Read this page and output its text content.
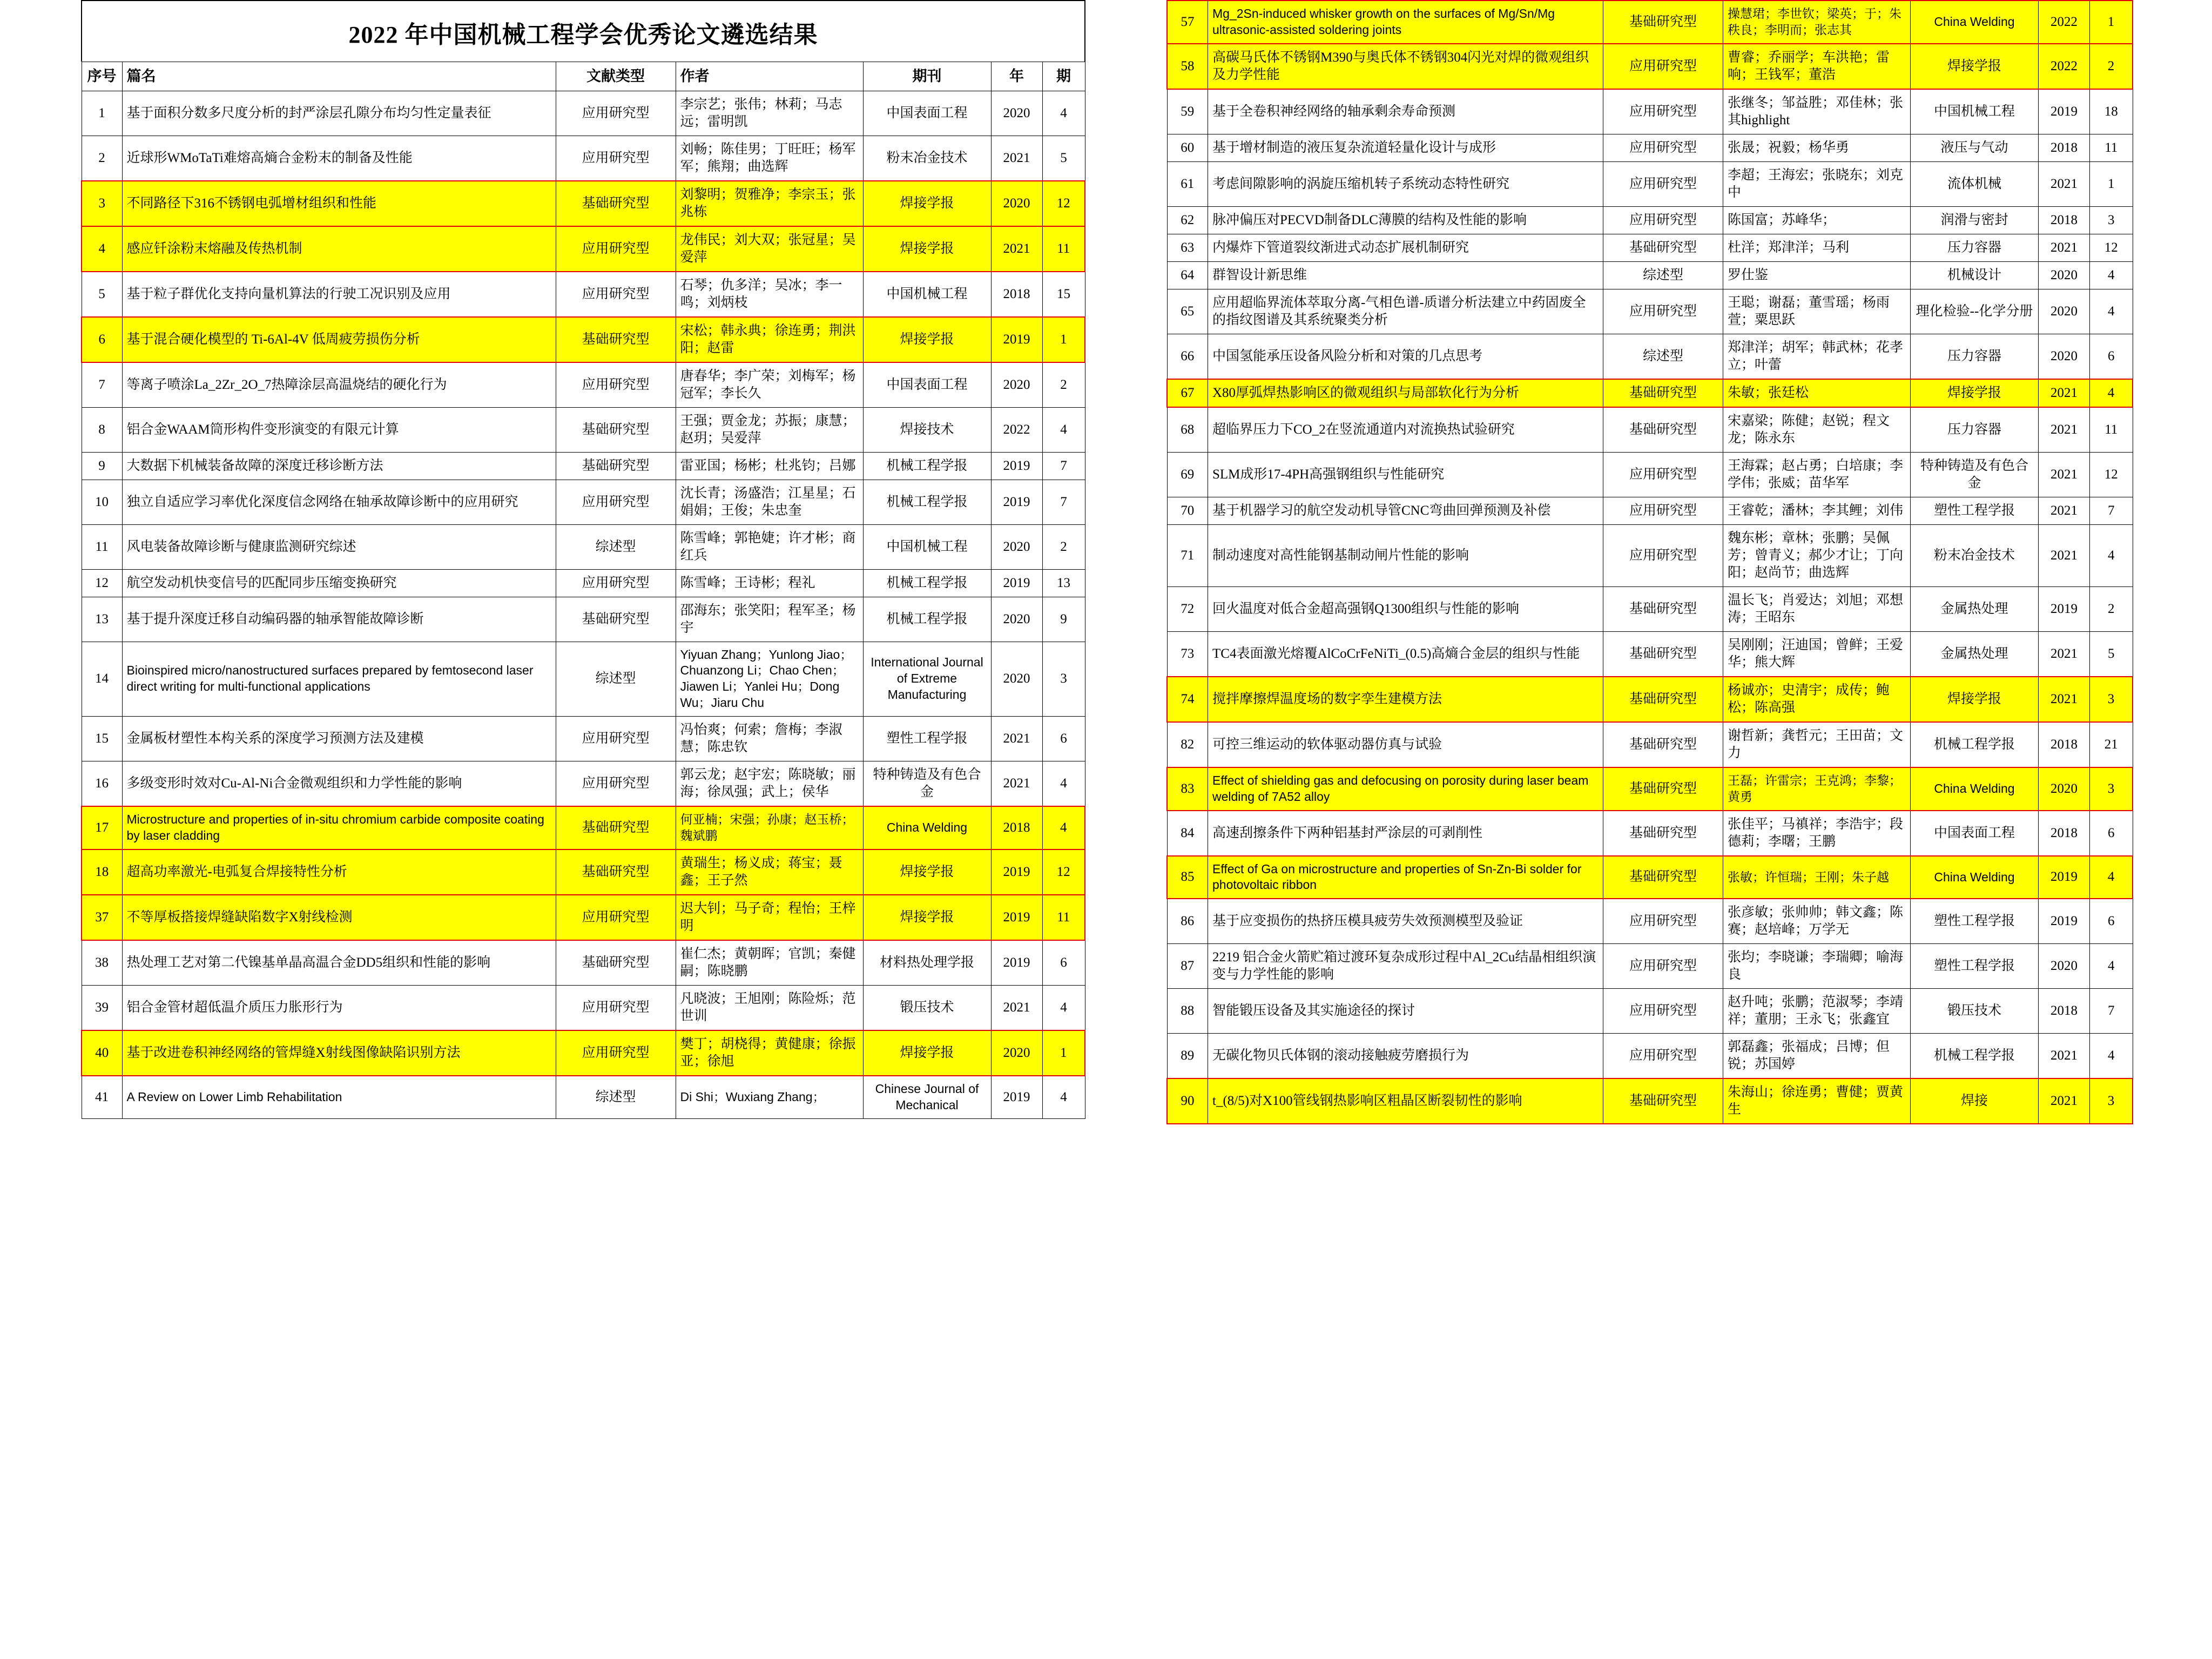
2022 年中国机械工程学会优秀论文遴选结果
序号	篇名	文献类型	作者	期刊	年	期
1	基于面积分数多尺度分析的封严涂层孔隙分布均匀性定量表征	应用研究型	李宗艺；张伟；林莉；马志远；雷明凯	中国表面工程	2020	4
2	近球形WMoTaTi难熔高熵合金粉末的制备及性能	应用研究型	刘畅；陈佳男；丁旺旺；杨军军；熊翔；曲选辉	粉末冶金技术	2021	5
3	不同路径下316不锈钢电弧增材组织和性能	基础研究型	刘黎明；贺雅净；李宗玉；张兆栋	焊接学报	2020	12
4	感应钎涂粉末熔融及传热机制	应用研究型	龙伟民；刘大双；张冠星；吴爱萍	焊接学报	2021	11
5	基于粒子群优化支持向量机算法的行驶工况识别及应用	应用研究型	石琴；仇多洋；吴冰；李一鸣；刘炳枝	中国机械工程	2018	15
6	基于混合硬化模型的 Ti-6Al-4V 低周疲劳损伤分析	基础研究型	宋松；韩永典；徐连勇；荆洪阳；赵雷	焊接学报	2019	1
7	等离子喷涂La_2Zr_2O_7热障涂层高温烧结的硬化行为	应用研究型	唐春华；李广荣；刘梅军；杨冠军；李长久	中国表面工程	2020	2
8	铝合金WAAM筒形构件变形演变的有限元计算	基础研究型	王强；贾金龙；苏振；康慧；赵玥；吴爱萍	焊接技术	2022	4
9	大数据下机械装备故障的深度迁移诊断方法	基础研究型	雷亚国；杨彬；杜兆钧；吕娜	机械工程学报	2019	7
10	独立自适应学习率优化深度信念网络在轴承故障诊断中的应用研究	应用研究型	沈长青；汤盛浩；江星星；石娟娟；王俊；朱忠奎	机械工程学报	2019	7
11	风电装备故障诊断与健康监测研究综述	综述型	陈雪峰；郭艳婕；许才彬；商红兵	中国机械工程	2020	2
12	航空发动机快变信号的匹配同步压缩变换研究	应用研究型	陈雪峰；王诗彬；程礼	机械工程学报	2019	13
13	基于提升深度迁移自动编码器的轴承智能故障诊断	基础研究型	邵海东；张笑阳；程军圣；杨宇	机械工程学报	2020	9
14	Bioinspired micro/nanostructured surfaces prepared by femtosecond laser direct writing for multi-functional applications	综述型	Yiyuan Zhang；Yunlong Jiao；Chuanzong Li；Chao Chen；Jiawen Li；Yanlei Hu；Dong Wu；Jiaru Chu	International Journal of Extreme Manufacturing	2020	3
15	金属板材塑性本构关系的深度学习预测方法及建模	应用研究型	冯怡爽；何索；詹梅；李淑慧；陈忠钦	塑性工程学报	2021	6
16	多级变形时效对Cu-Al-Ni合金微观组织和力学性能的影响	应用研究型	郭云龙；赵宇宏；陈晓敏；丽海；徐凤强；武上；侯华	特种铸造及有色合金	2021	4
17	Microstructure and properties of in-situ chromium carbide composite coating by laser cladding	基础研究型	何亚楠；宋强；孙康；赵玉桥；魏斌鹏	China Welding	2018	4
18	超高功率激光-电弧复合焊接特性分析	基础研究型	黄瑞生；杨义成；蒋宝；聂鑫；王子然	焊接学报	2019	12
37	不等厚板搭接焊缝缺陷数字X射线检测	应用研究型	迟大钊；马子奇；程怡；王梓明	焊接学报	2019	11
38	热处理工艺对第二代镍基单晶高温合金DD5组织和性能的影响	基础研究型	崔仁杰；黄朝晖；官凯；秦健嗣；陈晓鹏	材料热处理学报	2019	6
39	铝合金管材超低温介质压力胀形行为	应用研究型	凡晓波；王旭刚；陈险烁；范世训	锻压技术	2021	4
40	基于改进卷积神经网络的管焊缝X射线图像缺陷识别方法	应用研究型	樊丁；胡桡得；黄健康；徐振亚；徐旭	焊接学报	2020	1
41	A Review on Lower Limb Rehabilitation	综述型	Di Shi；Wuxiang Zhang；	Chinese Journal of Mechanical	2019	4
57	Mg_2Sn-induced whisker growth on the surfaces of Mg/Sn/Mg ultrasonic-assisted soldering joints	基础研究型	操慧珺；李世钦；梁英；于；朱秩良；李明而；张志其	China Welding	2022	1
58	高碳马氏体不锈钢M390与奥氏体不锈钢304闪光对焊的微观组织及力学性能	应用研究型	曹睿；乔丽学；车洪艳；雷响；王钱军；董浩	焊接学报	2022	2
59	基于全卷积神经网络的轴承剩余寿命预测	应用研究型	张继冬；邹益胜；邓佳林；张其highlight	中国机械工程	2019	18
60	基于增材制造的液压复杂流道轻量化设计与成形	应用研究型	张晟；祝毅；杨华勇	液压与气动	2018	11
61	考虑间隙影响的涡旋压缩机转子系统动态特性研究	应用研究型	李超；王海宏；张晓东；刘克中	流体机械	2021	1
62	脉冲偏压对PECVD制备DLC薄膜的结构及性能的影响	应用研究型	陈国富；苏峰华；	润滑与密封	2018	3
63	内爆炸下管道裂纹渐进式动态扩展机制研究	基础研究型	杜洋；郑津洋；马利	压力容器	2021	12
64	群智设计新思维	综述型	罗仕鉴	机械设计	2020	4
65	应用超临界流体萃取分离-气相色谱-质谱分析法建立中药固废全的指纹图谱及其系统聚类分析	应用研究型	王聪；谢磊；董雪瑶；杨雨萱；粟思跃	理化检验--化学分册	2020	4
66	中国氢能承压设备风险分析和对策的几点思考	综述型	郑津洋；胡军；韩武林；花孝立；叶蕾	压力容器	2020	6
67	X80厚弧焊热影响区的微观组织与局部软化行为分析	基础研究型	朱敏；张廷松	焊接学报	2021	4
68	超临界压力下CO_2在竖流通道内对流换热试验研究	基础研究型	宋嘉梁；陈健；赵锐；程文龙；陈永东	压力容器	2021	11
69	SLM成形17-4PH高强钢组织与性能研究	应用研究型	王海霖；赵占勇；白培康；李学伟；张威；苗华军	特种铸造及有色合金	2021	12
70	基于机器学习的航空发动机导管CNC弯曲回弹预测及补偿	应用研究型	王睿乾；潘林；李其鲤；刘伟	塑性工程学报	2021	7
71	制动速度对高性能钢基制动闸片性能的影响	应用研究型	魏东彬；章林；张鹏；吴佩芳；曾青义；郝少才让；丁向阳；赵尚节；曲选辉	粉末冶金技术	2021	4
72	回火温度对低合金超高强钢Q1300组织与性能的影响	基础研究型	温长飞；肖爱达；刘旭；邓想涛；王昭东	金属热处理	2019	2
73	TC4表面激光熔覆AlCoCrFeNiTi_(0.5)高熵合金层的组织与性能	基础研究型	吴刚刚；汪迪国；曾鲜；王爱华；熊大辉	金属热处理	2021	5
74	搅拌摩擦焊温度场的数字孪生建模方法	基础研究型	杨诚亦；史清宇；成传；鲍松；陈高强	焊接学报	2021	3
82	可控三维运动的软体驱动器仿真与试验	基础研究型	谢哲新；龚哲元；王田苗；文力	机械工程学报	2018	21
83	Effect of shielding gas and defocusing on porosity during laser beam welding of 7A52 alloy	基础研究型	王磊；许雷宗；王克鸿；李黎；黄勇	China Welding	2020	3
84	高速刮擦条件下两种铝基封严涂层的可剥削性	基础研究型	张佳平；马禛祥；李浩宇；段德莉；李曙；王鹏	中国表面工程	2018	6
85	Effect of Ga on microstructure and properties of Sn-Zn-Bi solder for photovoltaic ribbon	基础研究型	张敏；许恒瑞；王刚；朱子越	China Welding	2019	4
86	基于应变损伤的热挤压模具疲劳失效预测模型及验证	应用研究型	张彦敏；张帅帅；韩文鑫；陈赛；赵培峰；万学无	塑性工程学报	2019	6
87	2219 铝合金火箭贮箱过渡环复杂成形过程中Al_2Cu结晶相组织演变与力学性能的影响	应用研究型	张均；李晓谦；李瑞卿；喻海良	塑性工程学报	2020	4
88	智能锻压设备及其实施途径的探讨	应用研究型	赵升吨；张鹏；范淑琴；李靖祥；董朋；王永飞；张鑫宜	锻压技术	2018	7
89	无碳化物贝氏体钢的滚动接触疲劳磨损行为	应用研究型	郭磊鑫；张福成；吕博；但锐；苏国婷	机械工程学报	2021	4
90	t_(8/5)对X100管线钢热影响区粗晶区断裂韧性的影响	基础研究型	朱海山；徐连勇；曹健；贾黄生	焊接	2021	3
